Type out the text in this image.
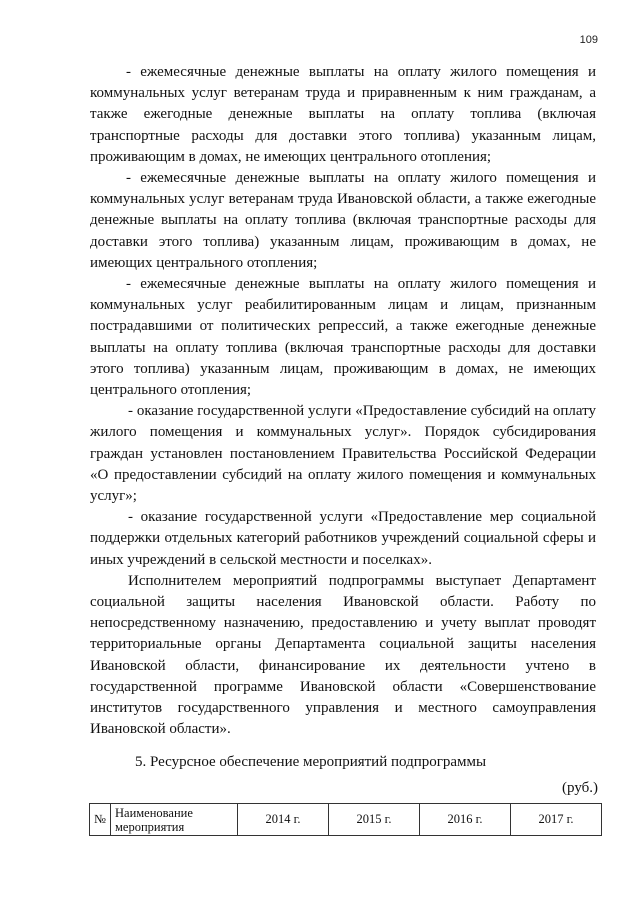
109

- ежемесячные денежные выплаты на оплату жилого помещения и коммунальных услуг ветеранам труда и приравненным к ним гражданам, а также ежегодные денежные выплаты на оплату топлива (включая транспортные расходы для доставки этого топлива) указанным лицам, проживающим в домах, не имеющих центрального отопления;

- ежемесячные денежные выплаты на оплату жилого помещения и коммунальных услуг ветеранам труда Ивановской области, а также ежегодные денежные выплаты на оплату топлива (включая транспортные расходы для доставки этого топлива) указанным лицам, проживающим в домах, не имеющих центрального отопления;

- ежемесячные денежные выплаты на оплату жилого помещения и коммунальных услуг реабилитированным лицам и лицам, признанным пострадавшими от политических репрессий, а также ежегодные денежные выплаты на оплату топлива (включая транспортные расходы для доставки этого топлива) указанным лицам, проживающим в домах, не имеющих центрального отопления;

- оказание государственной услуги «Предоставление субсидий на оплату жилого помещения и коммунальных услуг». Порядок субсидирования граждан установлен постановлением Правительства Российской Федерации «О предоставлении субсидий на оплату жилого помещения и коммунальных услуг»;

- оказание государственной услуги «Предоставление мер социальной поддержки отдельных категорий работников учреждений социальной сферы и иных учреждений в сельской местности и поселках».

Исполнителем мероприятий подпрограммы выступает Департамент социальной защиты населения Ивановской области. Работу по непосредственному назначению, предоставлению и учету выплат проводят территориальные органы Департамента социальной защиты населения Ивановской области, финансирование их деятельности учтено в государственной программе Ивановской области «Совершенствование институтов государственного управления и местного самоуправления Ивановской области».

5. Ресурсное обеспечение мероприятий подпрограммы
(руб.)
№	Наименование мероприятия	2014 г.	2015 г.	2016 г.	2017 г.
